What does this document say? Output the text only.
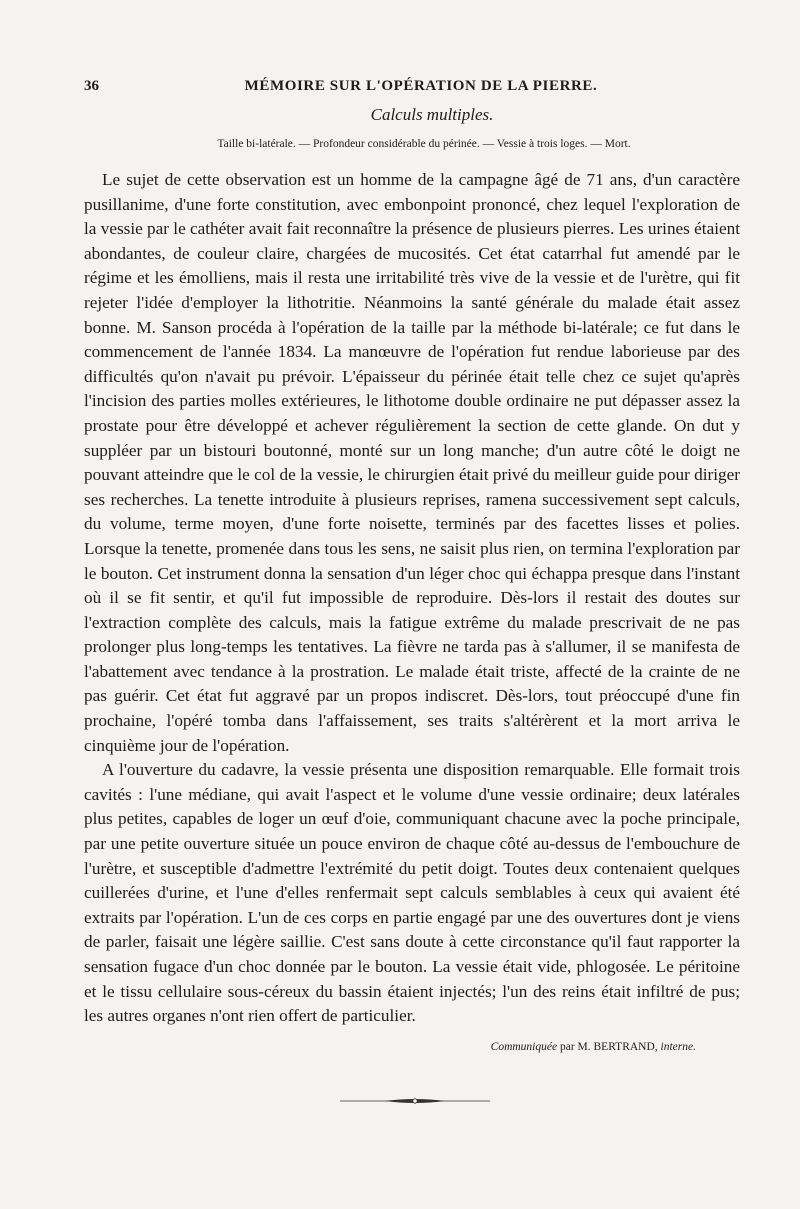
36	MÉMOIRE SUR L'OPÉRATION DE LA PIERRE.
Calculs multiples.
Taille bi-latérale. — Profondeur considérable du périnée. — Vessie à trois loges. — Mort.

Le sujet de cette observation est un homme de la campagne âgé de 71 ans, d'un caractère pusillanime, d'une forte constitution, avec embonpoint prononcé, chez lequel l'exploration de la vessie par le cathéter avait fait reconnaître la présence de plusieurs pierres. Les urines étaient abondantes, de couleur claire, chargées de mucosités. Cet état catarrhal fut amendé par le régime et les émolliens, mais il resta une irritabilité très vive de la vessie et de l'urètre, qui fit rejeter l'idée d'employer la lithotritie. Néanmoins la santé générale du malade était assez bonne. M. Sanson procéda à l'opération de la taille par la méthode bi-latérale; ce fut dans le commencement de l'année 1834. La manœuvre de l'opération fut rendue laborieuse par des difficultés qu'on n'avait pu prévoir. L'épaisseur du périnée était telle chez ce sujet qu'après l'incision des parties molles extérieures, le lithotome double ordinaire ne put dépasser assez la prostate pour être développé et achever régulièrement la section de cette glande. On dut y suppléer par un bistouri boutonné, monté sur un long manche; d'un autre côté le doigt ne pouvant atteindre que le col de la vessie, le chirurgien était privé du meilleur guide pour diriger ses recherches. La tenette introduite à plusieurs reprises, ramena successivement sept calculs, du volume, terme moyen, d'une forte noisette, terminés par des facettes lisses et polies. Lorsque la tenette, promenée dans tous les sens, ne saisit plus rien, on termina l'exploration par le bouton. Cet instrument donna la sensation d'un léger choc qui échappa presque dans l'instant où il se fit sentir, et qu'il fut impossible de reproduire. Dès-lors il restait des doutes sur l'extraction complète des calculs, mais la fatigue extrême du malade prescrivait de ne pas prolonger plus long-temps les tentatives. La fièvre ne tarda pas à s'allumer, il se manifesta de l'abattement avec tendance à la prostration. Le malade était triste, affecté de la crainte de ne pas guérir. Cet état fut aggravé par un propos indiscret. Dès-lors, tout préoccupé d'une fin prochaine, l'opéré tomba dans l'affaissement, ses traits s'altérèrent et la mort arriva le cinquième jour de l'opération.

A l'ouverture du cadavre, la vessie présenta une disposition remarquable. Elle formait trois cavités : l'une médiane, qui avait l'aspect et le volume d'une vessie ordinaire; deux latérales plus petites, capables de loger un œuf d'oie, communiquant chacune avec la poche principale, par une petite ouverture située un pouce environ de chaque côté au-dessus de l'embouchure de l'urètre, et susceptible d'admettre l'extrémité du petit doigt. Toutes deux contenaient quelques cuillerées d'urine, et l'une d'elles renfermait sept calculs semblables à ceux qui avaient été extraits par l'opération. L'un de ces corps en partie engagé par une des ouvertures dont je viens de parler, faisait une légère saillie. C'est sans doute à cette circonstance qu'il faut rapporter la sensation fugace d'un choc donnée par le bouton. La vessie était vide, phlogosée. Le péritoine et le tissu cellulaire sous-céreux du bassin étaient injectés; l'un des reins était infiltré de pus; les autres organes n'ont rien offert de particulier.

Communiquée par M. BERTRAND, interne.
